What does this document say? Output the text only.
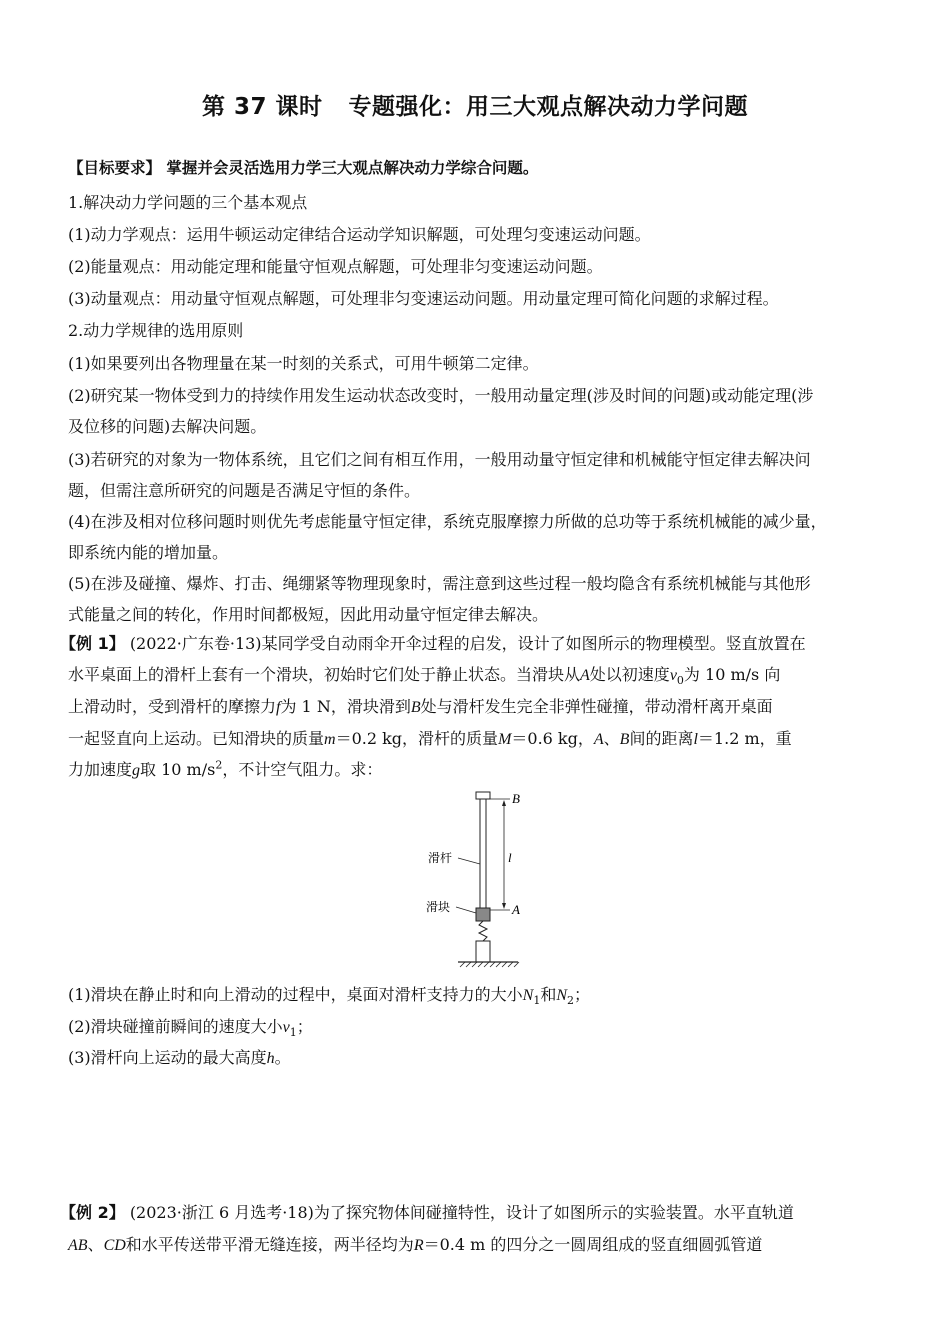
第 37 课时 专题强化：用三大观点解决动力学问题
【目标要求】 掌握并会灵活选用力学三大观点解决动力学综合问题。
1.解决动力学问题的三个基本观点
(1)动力学观点：运用牛顿运动定律结合运动学知识解题，可处理匀变速运动问题。
(2)能量观点：用动能定理和能量守恒观点解题，可处理非匀变速运动问题。
(3)动量观点：用动量守恒观点解题，可处理非匀变速运动问题。用动量定理可简化问题的求解过程。
2.动力学规律的选用原则
(1)如果要列出各物理量在某一时刻的关系式，可用牛顿第二定律。
(2)研究某一物体受到力的持续作用发生运动状态改变时，一般用动量定理(涉及时间的问题)或动能定理(涉
及位移的问题)去解决问题。
(3)若研究的对象为一物体系统，且它们之间有相互作用，一般用动量守恒定律和机械能守恒定律去解决问
题，但需注意所研究的问题是否满足守恒的条件。
(4)在涉及相对位移问题时则优先考虑能量守恒定律，系统克服摩擦力所做的总功等于系统机械能的减少量，
即系统内能的增加量。
(5)在涉及碰撞、爆炸、打击、绳绷紧等物理现象时，需注意到这些过程一般均隐含有系统机械能与其他形
式能量之间的转化，作用时间都极短，因此用动量守恒定律去解决。
【例 1】 (2022·广东卷·13)某同学受自动雨伞开伞过程的启发，设计了如图所示的物理模型。竖直放置在
水平桌面上的滑杆上套有一个滑块，初始时它们处于静止状态。当滑块从A处以初速度$v_0$为 10 m/s 向
上滑动时，受到滑杆的摩擦力f为 1 N，滑块滑到B处与滑杆发生完全非弹性碰撞，带动滑杆离开桌面
一起竖直向上运动。已知滑块的质量m＝0.2 kg，滑杆的质量M＝0.6 kg，A、B间的距离l＝1.2 m，重
力加速度g取 10 $m/s^2$，不计空气阻力。求：
B
A
l
滑杆
滑块
(1)滑块在静止时和向上滑动的过程中，桌面对滑杆支持力的大小$N_1$和$N_2$；
(2)滑块碰撞前瞬间的速度大小$v_1$；
(3)滑杆向上运动的最大高度h。
【例 2】 (2023·浙江 6 月选考·18)为了探究物体间碰撞特性，设计了如图所示的实验装置。水平直轨道
AB、CD和水平传送带平滑无缝连接，两半径均为R＝0.4 m 的四分之一圆周组成的竖直细圆弧管道
